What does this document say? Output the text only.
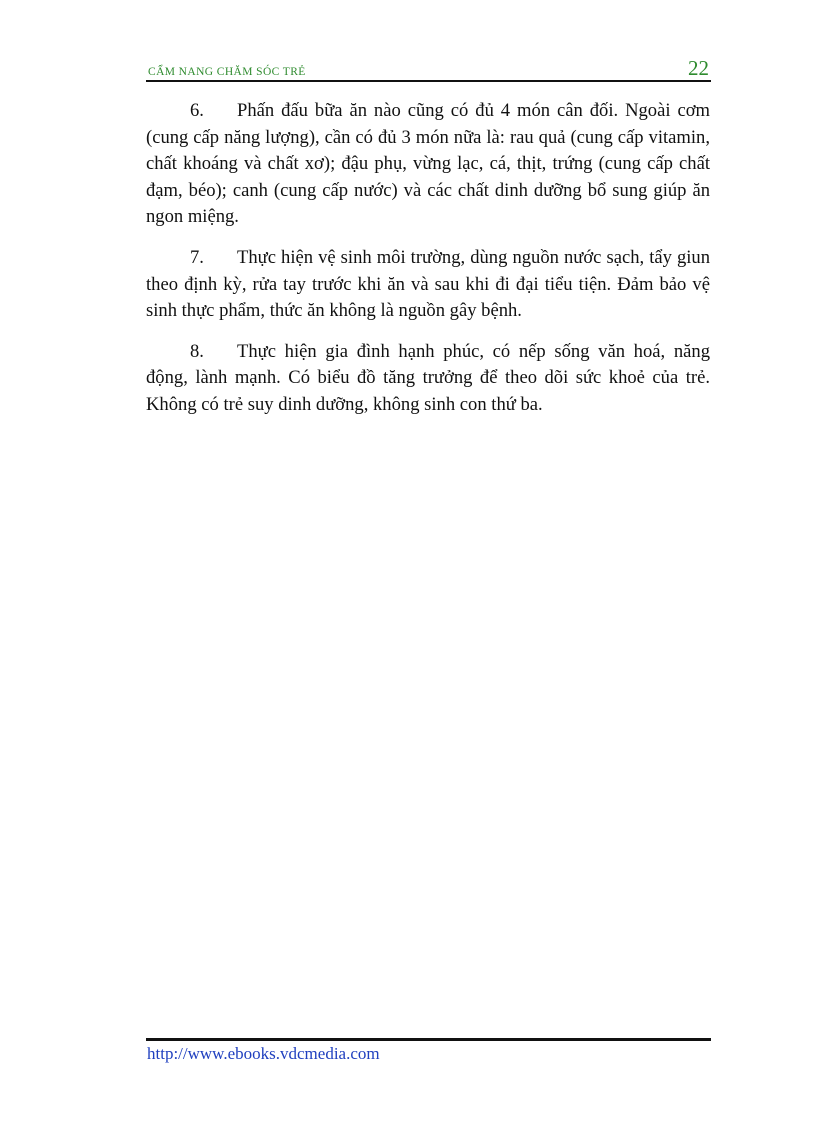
CẨM NANG CHĂM SÓC TRẺ	22

6. Phấn đấu bữa ăn nào cũng có đủ 4 món cân đối. Ngoài cơm (cung cấp năng lượng), cần có đủ 3 món nữa là: rau quả (cung cấp vitamin, chất khoáng và chất xơ); đậu phụ, vừng lạc, cá, thịt, trứng (cung cấp chất đạm, béo); canh (cung cấp nước) và các chất dinh dưỡng bổ sung giúp ăn ngon miệng.

7. Thực hiện vệ sinh môi trường, dùng nguồn nước sạch, tẩy giun theo định kỳ, rửa tay trước khi ăn và sau khi đi đại tiểu tiện. Đảm bảo vệ sinh thực phẩm, thức ăn không là nguồn gây bệnh.

8. Thực hiện gia đình hạnh phúc, có nếp sống văn hoá, năng động, lành mạnh. Có biểu đồ tăng trưởng để theo dõi sức khoẻ của trẻ. Không có trẻ suy dinh dưỡng, không sinh con thứ ba.

http://www.ebooks.vdcmedia.com
